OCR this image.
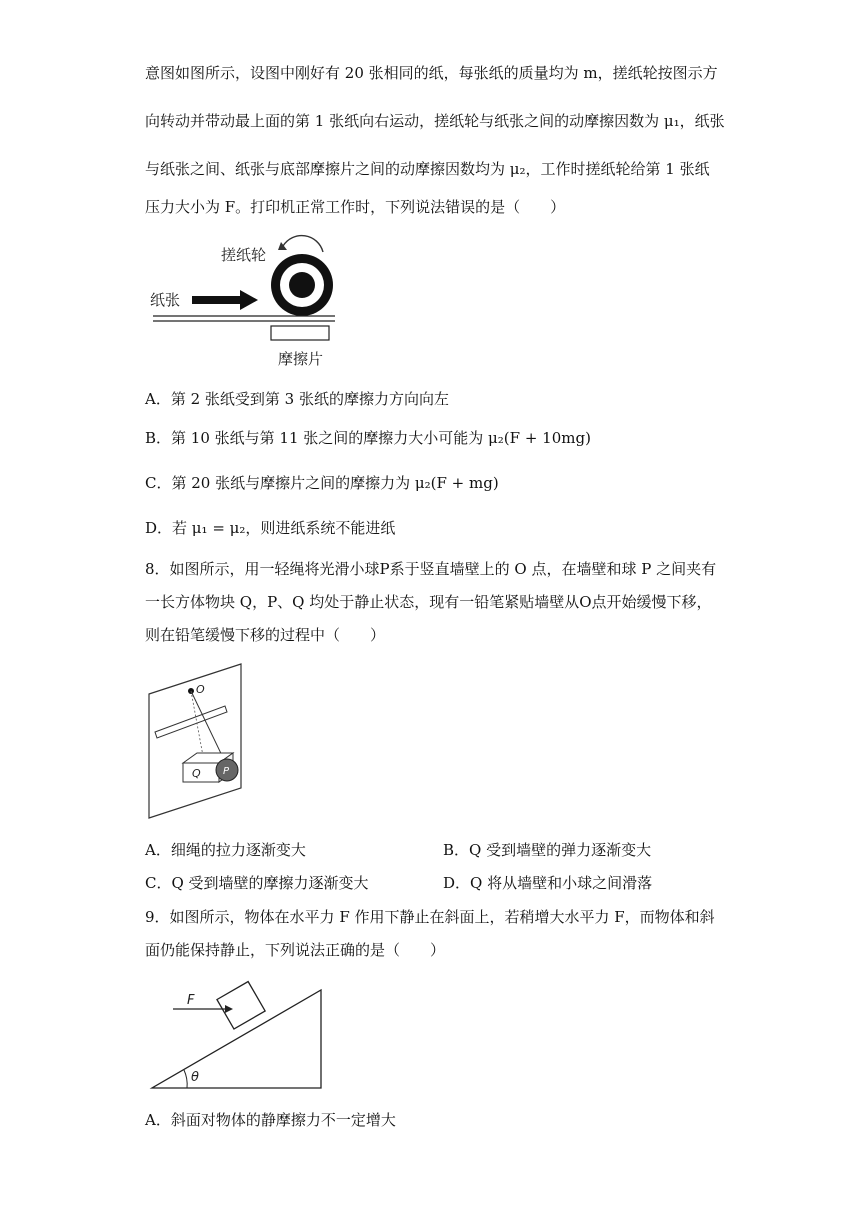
意图如图所示，设图中刚好有 20 张相同的纸，每张纸的质量均为 m，搓纸轮按图示方
向转动并带动最上面的第 1 张纸向右运动，搓纸轮与纸张之间的动摩擦因数为 μ₁，纸张
与纸张之间、纸张与底部摩擦片之间的动摩擦因数均为 μ₂，工作时搓纸轮给第 1 张纸
压力大小为 F。打印机正常工作时，下列说法错误的是（　　）
搓纸轮
纸张
摩擦片
A．第 2 张纸受到第 3 张纸的摩擦力方向向左
B．第 10 张纸与第 11 张之间的摩擦力大小可能为 μ₂(F + 10mg)
C．第 20 张纸与摩擦片之间的摩擦力为 μ₂(F + mg)
D．若 μ₁ = μ₂，则进纸系统不能进纸
8．如图所示，用一轻绳将光滑小球P系于竖直墙壁上的 O 点，在墙壁和球 P 之间夹有
一长方体物块 Q，P、Q 均处于静止状态，现有一铅笔紧贴墙壁从O点开始缓慢下移，
则在铅笔缓慢下移的过程中（　　）
O
Q P
A．细绳的拉力逐渐变大	B．Q 受到墙壁的弹力逐渐变大
C．Q 受到墙壁的摩擦力逐渐变大	D．Q 将从墙壁和小球之间滑落
9．如图所示，物体在水平力 F 作用下静止在斜面上，若稍增大水平力 F，而物体和斜
面仍能保持静止，下列说法正确的是（　　）
F
θ
A．斜面对物体的静摩擦力不一定增大
